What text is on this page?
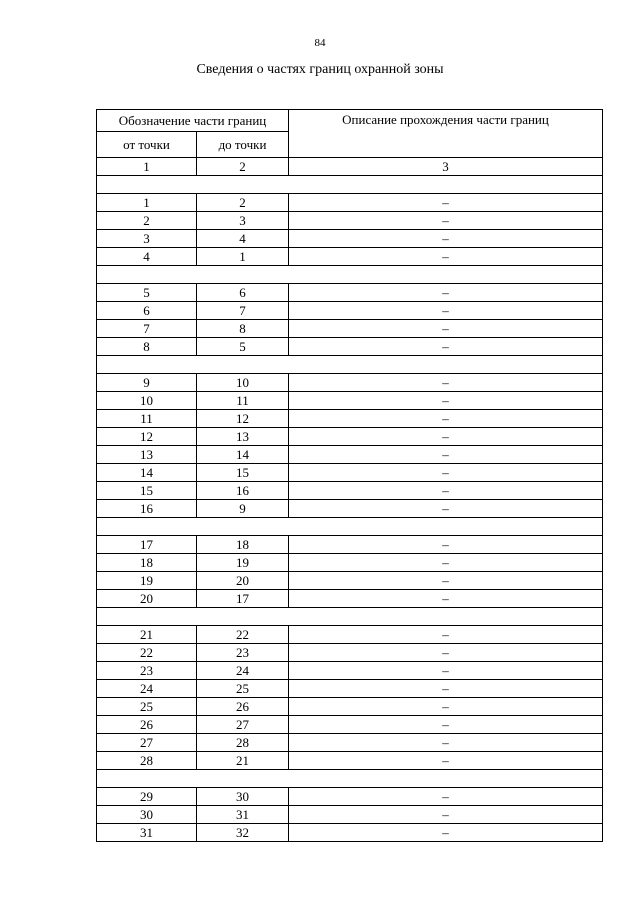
84
Сведения о частях границ охранной зоны
Обозначение части границ		Описание прохождения части границ
от точки	до точки	
1	2	3

1	2	–
2	3	–
3	4	–
4	1	–

5	6	–
6	7	–
7	8	–
8	5	–

9	10	–
10	11	–
11	12	–
12	13	–
13	14	–
14	15	–
15	16	–
16	9	–

17	18	–
18	19	–
19	20	–
20	17	–

21	22	–
22	23	–
23	24	–
24	25	–
25	26	–
26	27	–
27	28	–
28	21	–

29	30	–
30	31	–
31	32	–
